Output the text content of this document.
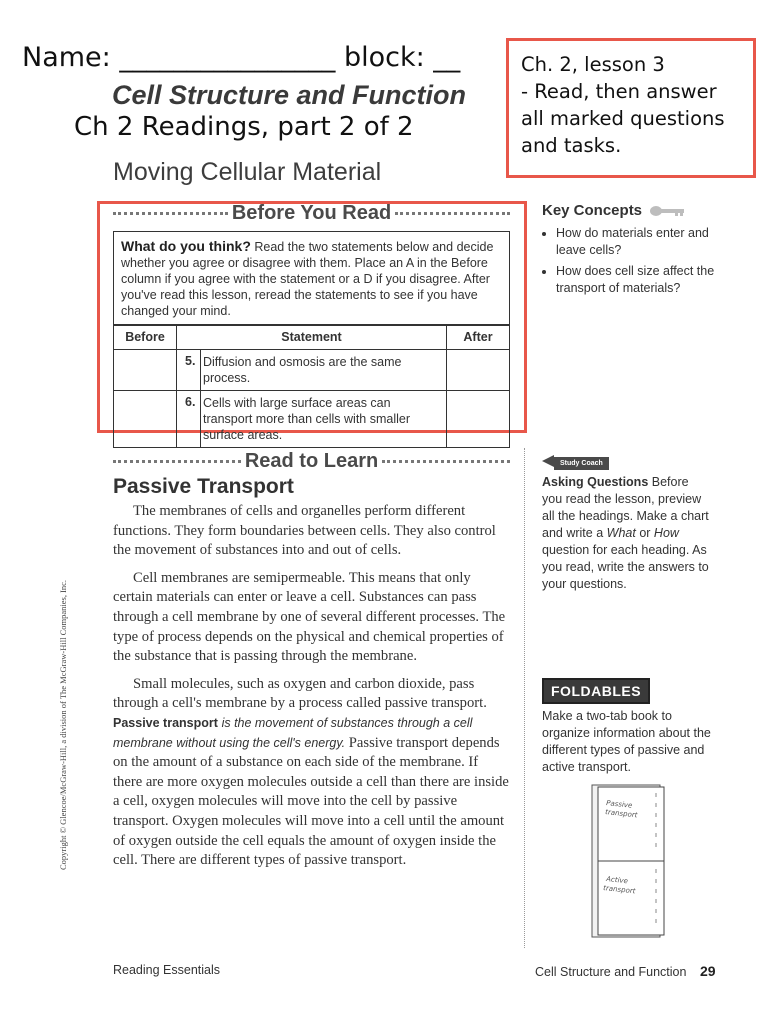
Name: ________________ block: __	Ch. 2, lesson 3
- Read, then answer
all marked questions
and tasks.
Cell Structure and Function
Ch 2 Readings, part 2 of 2
Moving Cellular Material
Before You Read
What do you think? Read the two statements below and decide whether you agree or disagree with them. Place an A in the Before column if you agree with the statement or a D if you disagree. After you've read this lesson, reread the statements to see if you have changed your mind.
Before	Statement		After
	5.	Diffusion and osmosis are the same process.	
	6.	Cells with large surface areas can transport more than cells with smaller surface areas.	
Key Concepts
• How do materials enter and leave cells?
• How does cell size affect the transport of materials?
Read to Learn
Passive Transport

The membranes of cells and organelles perform different functions. They form boundaries between cells. They also control the movement of substances into and out of cells.

Cell membranes are semipermeable. This means that only certain materials can enter or leave a cell. Substances can pass through a cell membrane by one of several different processes. The type of process depends on the physical and chemical properties of the substance that is passing through the membrane.

Small molecules, such as oxygen and carbon dioxide, pass through a cell's membrane by a process called passive transport. Passive transport is the movement of substances through a cell membrane without using the cell's energy. Passive transport depends on the amount of a substance on each side of the membrane. If there are more oxygen molecules outside a cell than there are inside a cell, oxygen molecules will move into the cell by passive transport. Oxygen molecules will move into a cell until the amount of oxygen outside the cell equals the amount of oxygen inside the cell. There are different types of passive transport.

Study Coach
Asking Questions Before you read the lesson, preview all the headings. Make a chart and write a What or How question for each heading. As you read, write the answers to your questions.
FOLDABLES
Make a two-tab book to organize information about the different types of passive and active transport.
Passive
transport
Active
transport
Copyright © Glencoe/McGraw-Hill, a division of The McGraw-Hill Companies, Inc.
Reading Essentials	Cell Structure and Function 29
